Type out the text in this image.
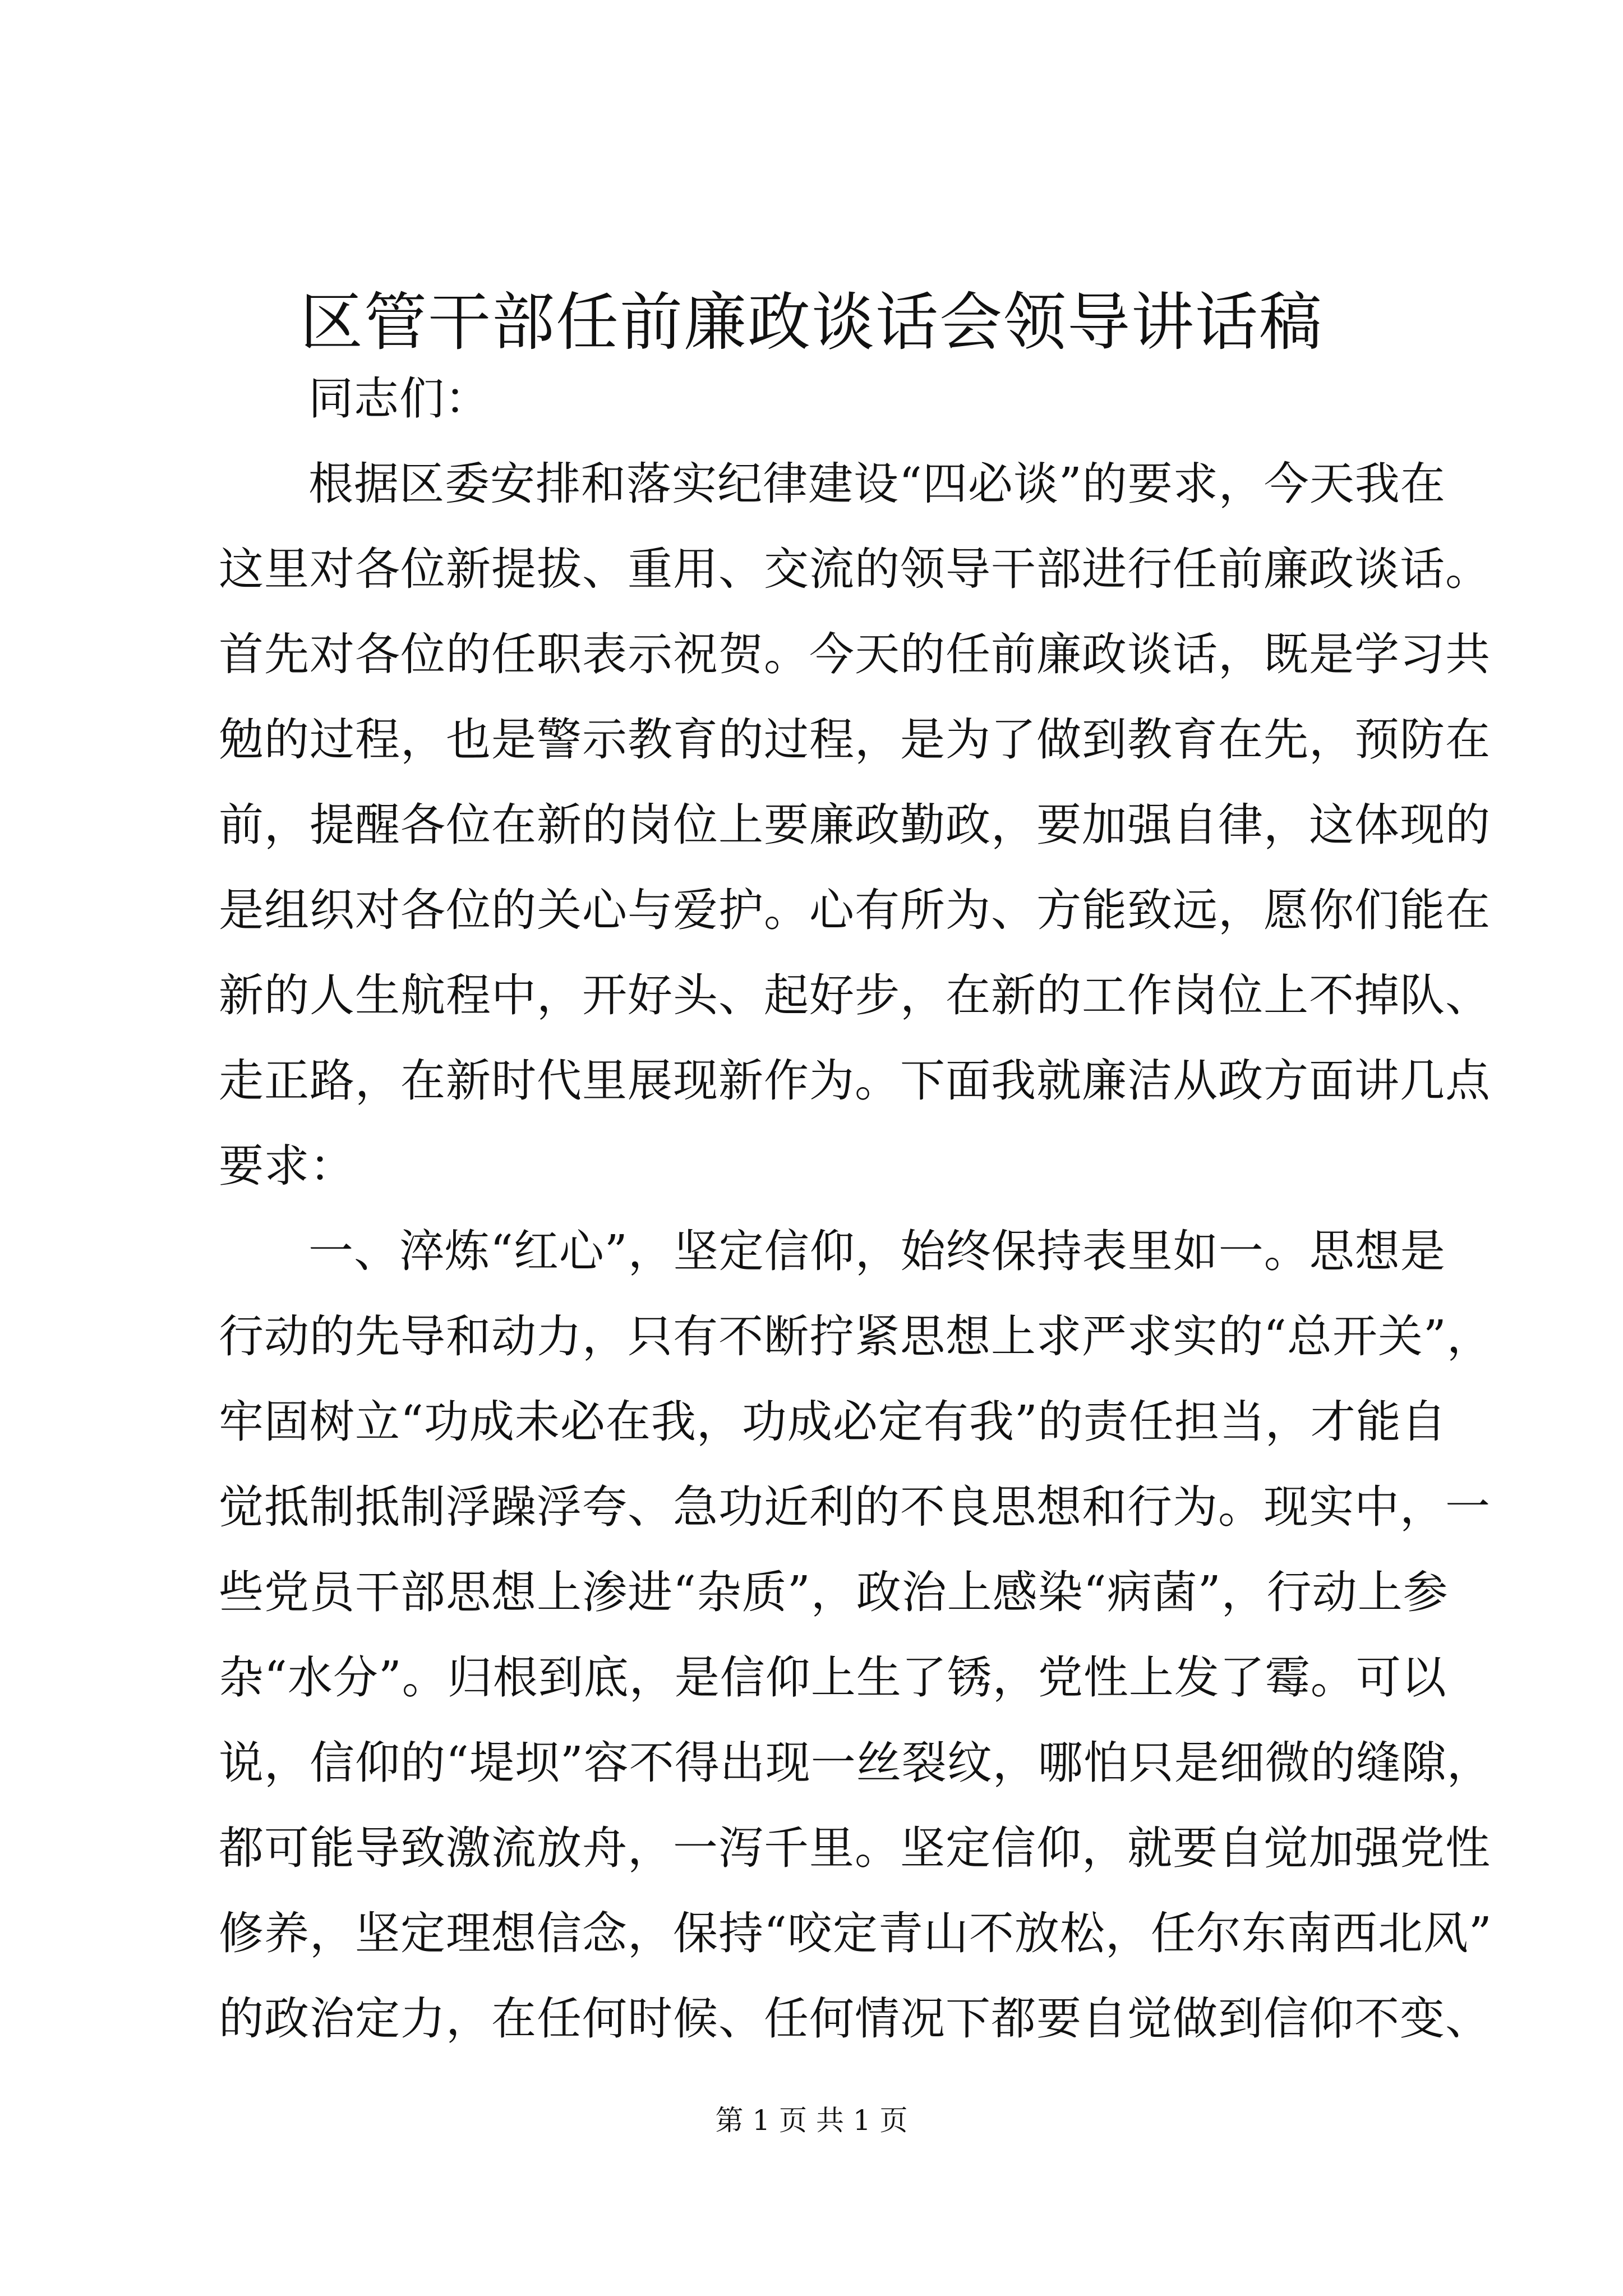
区管干部任前廉政谈话会领导讲话稿
同志们：
根据区委安排和落实纪律建设“四必谈”的要求，今天我在
这里对各位新提拔、重用、交流的领导干部进行任前廉政谈话。
首先对各位的任职表示祝贺。今天的任前廉政谈话，既是学习共
勉的过程，也是警示教育的过程，是为了做到教育在先，预防在
前，提醒各位在新的岗位上要廉政勤政，要加强自律，这体现的
是组织对各位的关心与爱护。心有所为、方能致远，愿你们能在
新的人生航程中，开好头、起好步，在新的工作岗位上不掉队、
走正路，在新时代里展现新作为。下面我就廉洁从政方面讲几点
要求：
一、淬炼“红心”，坚定信仰，始终保持表里如一。思想是
行动的先导和动力，只有不断拧紧思想上求严求实的“总开关”，
牢固树立“功成未必在我，功成必定有我”的责任担当，才能自
觉抵制抵制浮躁浮夸、急功近利的不良思想和行为。现实中，一
些党员干部思想上渗进“杂质”，政治上感染“病菌”，行动上参
杂“水分”。归根到底，是信仰上生了锈，党性上发了霉。可以
说，信仰的“堤坝”容不得出现一丝裂纹，哪怕只是细微的缝隙，
都可能导致激流放舟，一泻千里。坚定信仰，就要自觉加强党性
修养，坚定理想信念，保持“咬定青山不放松，任尔东南西北风”
的政治定力，在任何时候、任何情况下都要自觉做到信仰不变、
第 1 页 共 1 页
